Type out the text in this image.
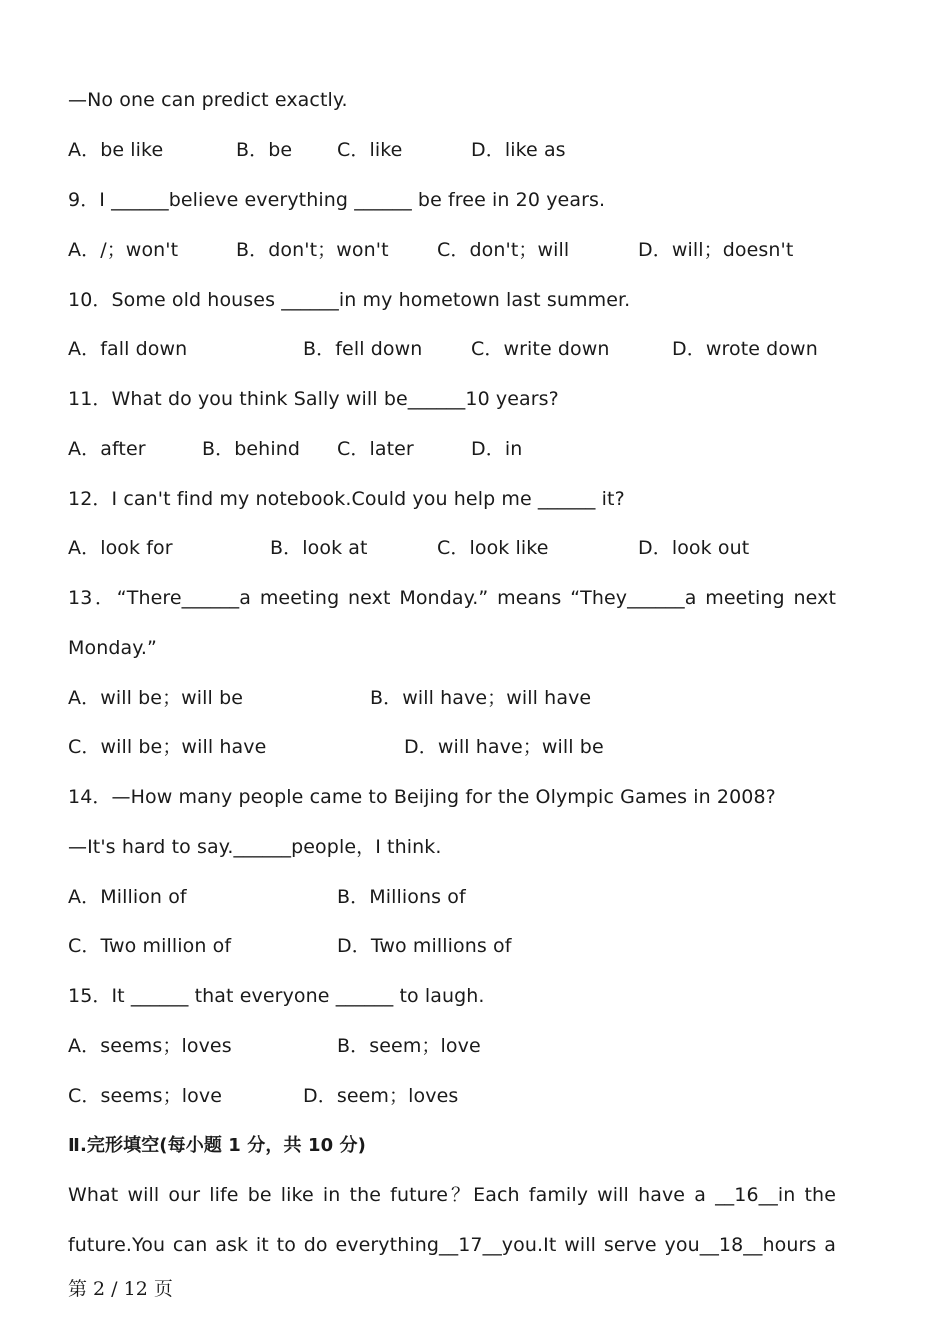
—No one can predict exactly.
A．be like	B．be C．like	D．like as
9．I ______believe everything ______ be free in 20 years.
A．/；won't	B．don't；won't	C．don't；will	D．will；doesn't
10．Some old houses ______in my hometown last summer.
A．fall down	B．fell down	C．write down	D．wrote down
11．What do you think Sally will be______10 years?
A．after	B．behind C．later	D．in
12．I can't find my notebook.Could you help me ______ it?
A．look for	B．look at	C．look like	D．look out
13．“There______a meeting next Monday.” means “They______a meeting next
Monday.”
A．will be；will be	B．will have；will have
C．will be；will have	D．will have；will be
14．—How many people came to Beijing for the Olympic Games in 2008?
—It's hard to say.______people，I think.
A．Million of	B．Millions of
C．Two million of	D．Two millions of
15．It ______ that everyone ______ to laugh.
A．seems；loves	B．seem；love
C．seems；love	D．seem；loves
Ⅱ.完形填空(每小题 1 分，共 10 分)
What will our life be like in the future？Each family will have a __16__in the
future.You can ask it to do everything__17__you.It will serve you__18__hours a
第 2 / 12 页
